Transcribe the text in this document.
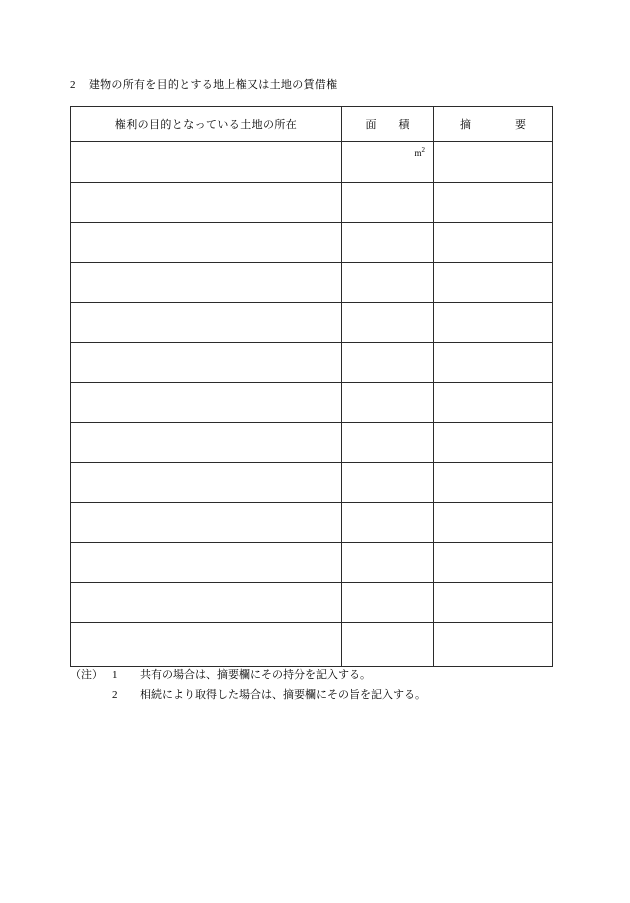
2 建物の所有を目的とする地上権又は土地の賃借権
権利の目的となっている土地の所在	面 積	摘 要

	$m^2$

（注） 1 共有の場合は、摘要欄にその持分を記入する。
2 相続により取得した場合は、摘要欄にその旨を記入する。
